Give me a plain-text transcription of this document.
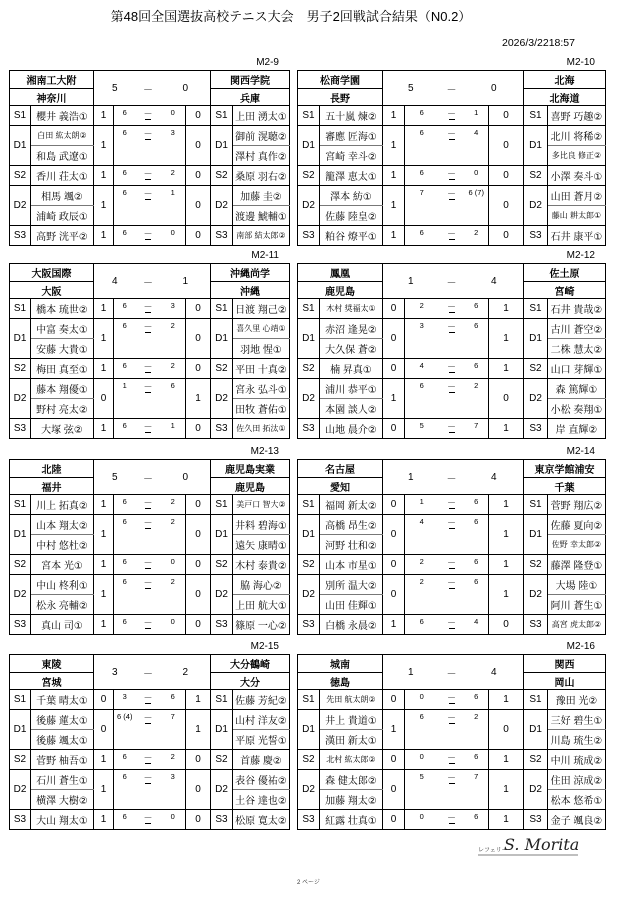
第48回全国選抜高校テニス大会　男子2回戦試合結果（N0.2）
2026/3/2218:57
M2-9
湘南工大附		5		－	0		関西学院	
神奈川							兵庫	
S1	櫻井 義浩①	1	6	－	0	0	S1	上田 湧太①
D1	白田 紘太朗②	1	6	－	3	0	D1	御前 滉聴②
	和島 武遼①							澤村 真作②
S2	香川 荘太①	1	6	－	2	0	S2	桑原 羽右②
D2	相馬 颯②	1	6	－	1	0	D2	加藤 圭②
	浦崎 政辰①							渡邊 鯱輔①
S3	高野 洸平②	1	6	－	0	0	S3	南部 結太郎②
M2-10
松商学園		5		－	0		北海	
長野							北海道	
S1	五十嵐 煉②	1	6	－	1	0	S1	喜野 巧趣②
D1	審應 匠海①	1	6	－	4	0	D1	北川 将稀②
	宮崎 幸斗②							多比良 修正②
S2	籠澤 恵太①	1	6	－	0	0	S2	小澤 奏斗①
D2	澤本 紡①	1	7	－	6 (7)	0	D2	山田 蒼月②
	佐藤 陸皇②							藤山 耕太郎①
S3	粕谷 燎平①	1	6	－	2	0	S3	石井 康平①
M2-11
大阪国際		4		－	1		沖縄尚学	
大阪							沖縄	
S1	橋本 琉世②	1	6	－	3	0	S1	日渡 翔己②
D1	中富 奏太①	1	6	－	2	0	D1	喜久里 心靖①
	安藤 大貴①							羽地 惺①
S2	梅田 真至①	1	6	－	2	0	S2	平田 十真②
D2	藤本 翔優①	0	1	－	6	1	D2	宮永 弘斗①
	野村 亮太②							田牧 蒼佑①
S3	大塚 弦②	1	6	－	1	0	S3	佐久田 拓汰①
M2-12
鳳凰		1		－	4		佐土原	
鹿児島							宮崎	
S1	木村 奨福太①	0	2	－	6	1	S1	石井 貴哉②
D1	赤沼 逢晃②	0	3	－	6	1	D1	古川 蒼空②
	大久保 蒼②							二株 慧太②
S2	楠 昇真①	0	4	－	6	1	S2	山口 芽輝①
D2	浦川 恭平①	1	6	－	2	0	D2	森 篤輝①
	本園 談人②							小松 奏翔①
S3	山地 晨介②	0	5	－	7	1	S3	岸 直輝②
M2-13
北陸		5		－	0		鹿児島実業	
福井							鹿児島	
S1	川上 拓真②	1	6	－	2	0	S1	美戸口 智大②
D1	山本 翔太②	1	6	－	2	0	D1	井料 碧海①
	中村 悠杜②							遠矢 康晴①
S2	宮本 光①	1	6	－	0	0	S2	木村 泰貴②
D2	中山 柊利①	1	6	－	2	0	D2	脇 海心②
	松永 亮輔②							上田 航大①
S3	真山 司①	1	6	－	0	0	S3	篠原 一心②
M2-14
名古屋		1		－	4		東京学館浦安	
愛知							千葉	
S1	福岡 新太②	0	1	－	6	1	S1	菅野 翔広②
D1	高橋 昂生②	0	4	－	6	1	D1	佐藤 夏向②
	河野 壮和②							佐野 幸太郎②
S2	山本 市星①	0	2	－	6	1	S2	藤澤 隆登①
D2	別所 温大②	0	2	－	6	1	D2	大場 陸①
	山田 佳輝①							阿川 蒼生①
S3	白橋 永晨②	1	6	－	4	0	S3	高宮 虎太郎②
M2-15
東陵		3		－	2		大分鶴崎	
宮城							大分	
S1	千葉 晴太①	0	3	－	6	1	S1	佐藤 芳紀②
D1	後藤 蓮太①	0	6 (4)	－	7	1	D1	山村 洋友②
	後藤 颯太①							平原 光誓①
S2	菅野 柚吾①	1	6	－	2	0	S2	首藤 慶②
D2	石川 蒼生①	1	6	－	3	0	D2	表谷 優祐②
	横澤 大樹②							土谷 達也②
S3	大山 翔太①	1	6	－	0	0	S3	松原 寛太②
M2-16
城南		1		－	4		関西	
徳島							岡山	
S1	先田 航太朗②	0	0	－	6	1	S1	豫田 光②
D1	井上 貴道①	1	6	－	2	0	D1	三好 碧生①
	漢田 新太①							川島 琉生②
S2	北村 紘太郎②	0	0	－	6	1	S2	中川 琉成②
D2	森 健太郎②	0	5	－	7	1	D2	住田 涼成②
	加藤 翔太②							松本 悠希①
S3	紅露 壮真①	0	0	－	6	1	S3	金子 颯良②
レフェリー
S. Morita
2 ページ
